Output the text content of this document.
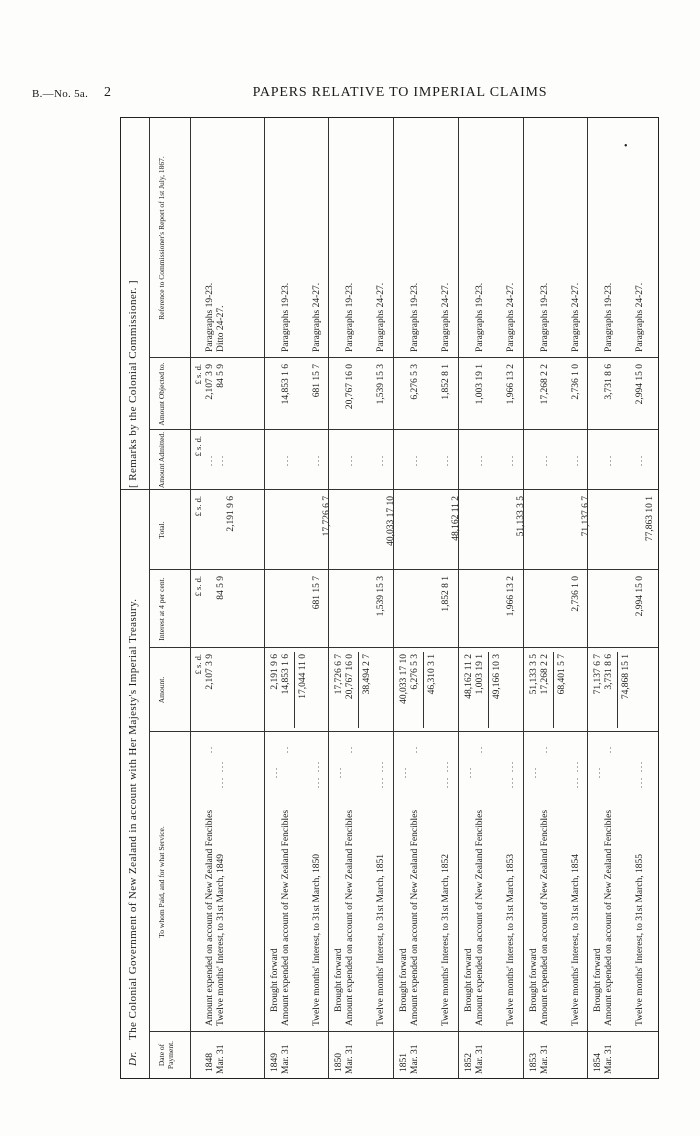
B.—No. 5a. 2	PAPERS RELATIVE TO IMPERIAL CLAIMS
•
Dr.
The Colonial Government of New Zealand in account with Her Majesty's Imperial Treasury.
[ Remarks by the Colonial Commissioner. ]
Date of Payment.
To whom Paid, and for what Service.
Amount.
Interest at 4 per cent.
Total.
Amount Admitted.
Amount Objected to.
Reference to Commissioner's Report of 1st July, 1867.
£ s. d.
£ s. d.
£ s. d.
£ s. d.
£ s. d.
1848 Mar. 31
Amount expended on account of New Zealand Fencibles
..
2,107 3 9
2,107 3 9
Paragraphs 19-23.
...
Twelve months' Interest, to 31st March, 1849
... ...
84 5 9
84 5 9
Ditto 24-27.
...
2,191 9 6
1849 Mar. 31
Brought forward
...
2,191 9 6
Amount expended on account of New Zealand Fencibles
..
14,853 1 6
14,853 1 6
Paragraphs 19-23.
...
17,044 11 0
Twelve months' Interest, to 31st March, 1850
... ...
681 15 7
681 15 7
Paragraphs 24-27.
...
17,726 6 7
1850 Mar. 31
Brought forward
...
17,726 6 7
Amount expended on account of New Zealand Fencibles
..
20,767 16 0
20,767 16 0
Paragraphs 19-23.
...
38,494 2 7
Twelve months' Interest, to 31st March, 1851
... ...
1,539 15 3
1,539 15 3
Paragraphs 24-27.
...
40,033 17 10
1851 Mar. 31
Brought forward
...
40,033 17 10
Amount expended on account of New Zealand Fencibles
..
6,276 5 3
6,276 5 3
Paragraphs 19-23.
...
46,310 3 1
Twelve months' Interest, to 31st March, 1852
... ...
1,852 8 1
1,852 8 1
Paragraphs 24-27.
...
48,162 11 2
1852 Mar. 31
Brought forward
...
48,162 11 2
Amount expended on account of New Zealand Fencibles
..
1,003 19 1
1,003 19 1
Paragraphs 19-23.
...
49,166 10 3
Twelve months' Interest, to 31st March, 1853
... ...
1,966 13 2
1,966 13 2
Paragraphs 24-27.
...
51,133 3 5
1853 Mar. 31
Brought forward
...
51,133 3 5
Amount expended on account of New Zealand Fencibles
..
17,268 2 2
17,268 2 2
Paragraphs 19-23.
...
68,401 5 7
Twelve months' Interest, to 31st March, 1854
... ...
2,736 1 0
2,736 1 0
Paragraphs 24-27.
...
71,137 6 7
1854 Mar. 31
Brought forward
...
71,137 6 7
Amount expended on account of New Zealand Fencibles
..
3,731 8 6
3,731 8 6
Paragraphs 19-23.
...
74,868 15 1
Twelve months' Interest, to 31st March, 1855
... ...
2,994 15 0
2,994 15 0
Paragraphs 24-27.
...
77,863 10 1
